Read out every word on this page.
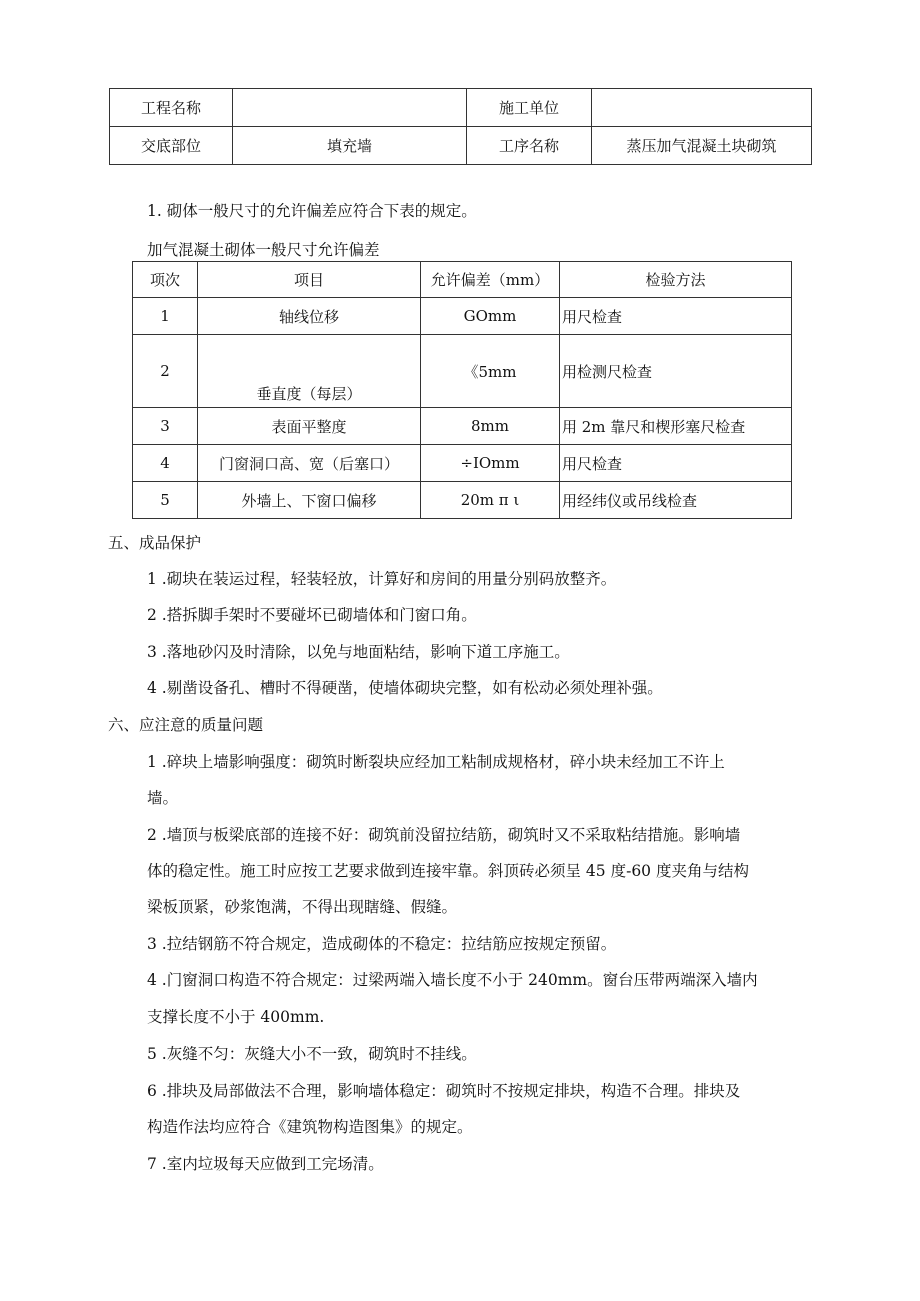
工程名称		施工单位	
交底部位	填充墙	工序名称	蒸压加气混凝土块砌筑
1. 砌体一般尺寸的允许偏差应符合下表的规定。
加气混凝土砌体一般尺寸允许偏差
项次	项目	允许偏差（mm）	检验方法
1	轴线位移	GOmm	用尺检查
2	垂直度（每层）	《5mm	用检测尺检查
3	表面平整度	8mm	用 2m 靠尺和楔形塞尺检查
4	门窗洞口高、宽（后塞口）	÷IOmm	用尺检查
5	外墙上、下窗口偏移	20m π ι	用经纬仪或吊线检查
五、成品保护
1 .砌块在装运过程，轻装轻放，计算好和房间的用量分别码放整齐。
2 .搭拆脚手架时不要碰坏已砌墙体和门窗口角。
3 .落地砂闪及时清除，以免与地面粘结，影响下道工序施工。
4 .剔凿设备孔、槽时不得硬凿，使墙体砌块完整，如有松动必须处理补强。
六、应注意的质量问题
1 .碎块上墙影响强度：砌筑时断裂块应经加工粘制成规格材，碎小块未经加工不许上
墙。
2 .墙顶与板梁底部的连接不好：砌筑前没留拉结筋，砌筑时又不采取粘结措施。影响墙
体的稳定性。施工时应按工艺要求做到连接牢靠。斜顶砖必须呈 45 度-60 度夹角与结构
梁板顶紧，砂浆饱满，不得出现瞎缝、假缝。
3 .拉结钢筋不符合规定，造成砌体的不稳定：拉结筋应按规定预留。
4 .门窗洞口构造不符合规定：过梁两端入墙长度不小于 240mm。窗台压带两端深入墙内
支撑长度不小于 400mm.
5 .灰缝不匀：灰缝大小不一致，砌筑时不挂线。
6 .排块及局部做法不合理，影响墙体稳定：砌筑时不按规定排块，构造不合理。排块及
构造作法均应符合《建筑物构造图集》的规定。
7 .室内垃圾每天应做到工完场清。
